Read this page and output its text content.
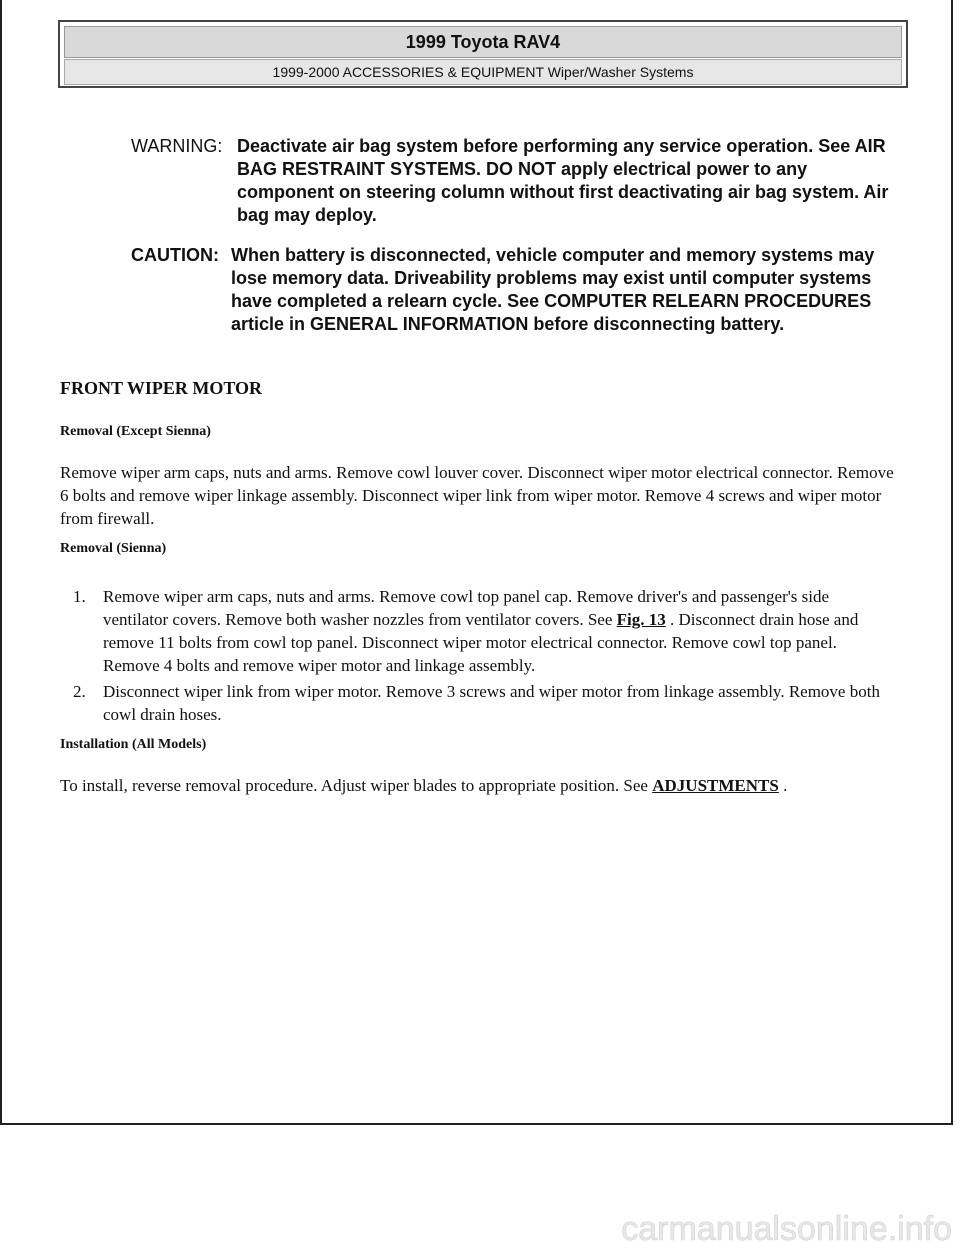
1999 Toyota RAV4
1999-2000 ACCESSORIES & EQUIPMENT Wiper/Washer Systems
WARNING: Deactivate air bag system before performing any service operation. See AIR BAG RESTRAINT SYSTEMS. DO NOT apply electrical power to any component on steering column without first deactivating air bag system. Air bag may deploy.
CAUTION: When battery is disconnected, vehicle computer and memory systems may lose memory data. Driveability problems may exist until computer systems have completed a relearn cycle. See COMPUTER RELEARN PROCEDURES article in GENERAL INFORMATION before disconnecting battery.
FRONT WIPER MOTOR
Removal (Except Sienna)
Remove wiper arm caps, nuts and arms. Remove cowl louver cover. Disconnect wiper motor electrical connector. Remove 6 bolts and remove wiper linkage assembly. Disconnect wiper link from wiper motor. Remove 4 screws and wiper motor from firewall.
Removal (Sienna)
1. Remove wiper arm caps, nuts and arms. Remove cowl top panel cap. Remove driver's and passenger's side ventilator covers. Remove both washer nozzles from ventilator covers. See Fig. 13 . Disconnect drain hose and remove 11 bolts from cowl top panel. Disconnect wiper motor electrical connector. Remove cowl top panel. Remove 4 bolts and remove wiper motor and linkage assembly.
2. Disconnect wiper link from wiper motor. Remove 3 screws and wiper motor from linkage assembly. Remove both cowl drain hoses.
Installation (All Models)
To install, reverse removal procedure. Adjust wiper blades to appropriate position. See ADJUSTMENTS .
carmanualsonline.info
